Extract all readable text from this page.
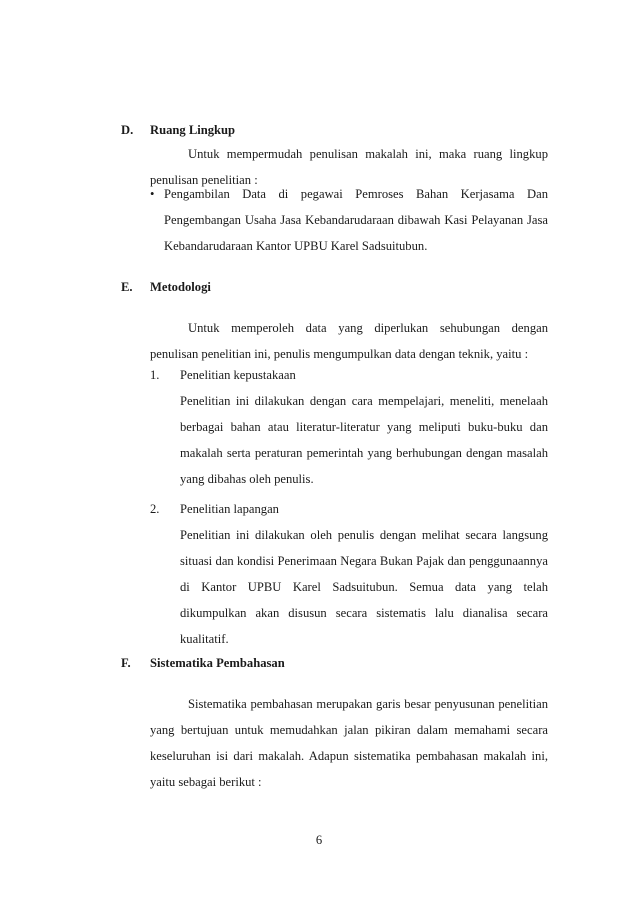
D. Ruang Lingkup

Untuk mempermudah penulisan makalah ini, maka ruang lingkup penulisan penelitian :

• Pengambilan Data di pegawai Pemroses Bahan Kerjasama Dan Pengembangan Usaha Jasa Kebandarudaraan dibawah Kasi Pelayanan Jasa Kebandarudaraan Kantor UPBU Karel Sadsuitubun.
E. Metodologi

Untuk memperoleh data yang diperlukan sehubungan dengan penulisan penelitian ini, penulis mengumpulkan data dengan teknik, yaitu :

1. Penelitian kepustakaan
Penelitian ini dilakukan dengan cara mempelajari, meneliti, menelaah berbagai bahan atau literatur-literatur yang meliputi buku-buku dan makalah serta peraturan pemerintah yang berhubungan dengan masalah yang dibahas oleh penulis.
2. Penelitian lapangan
Penelitian ini dilakukan oleh penulis dengan melihat secara langsung situasi dan kondisi Penerimaan Negara Bukan Pajak dan penggunaannya di Kantor UPBU Karel Sadsuitubun. Semua data yang telah dikumpulkan akan disusun secara sistematis lalu dianalisa secara kualitatif.
F. Sistematika Pembahasan

Sistematika pembahasan merupakan garis besar penyusunan penelitian yang bertujuan untuk memudahkan jalan pikiran dalam memahami secara keseluruhan isi dari makalah. Adapun sistematika pembahasan makalah ini, yaitu sebagai berikut :

6
